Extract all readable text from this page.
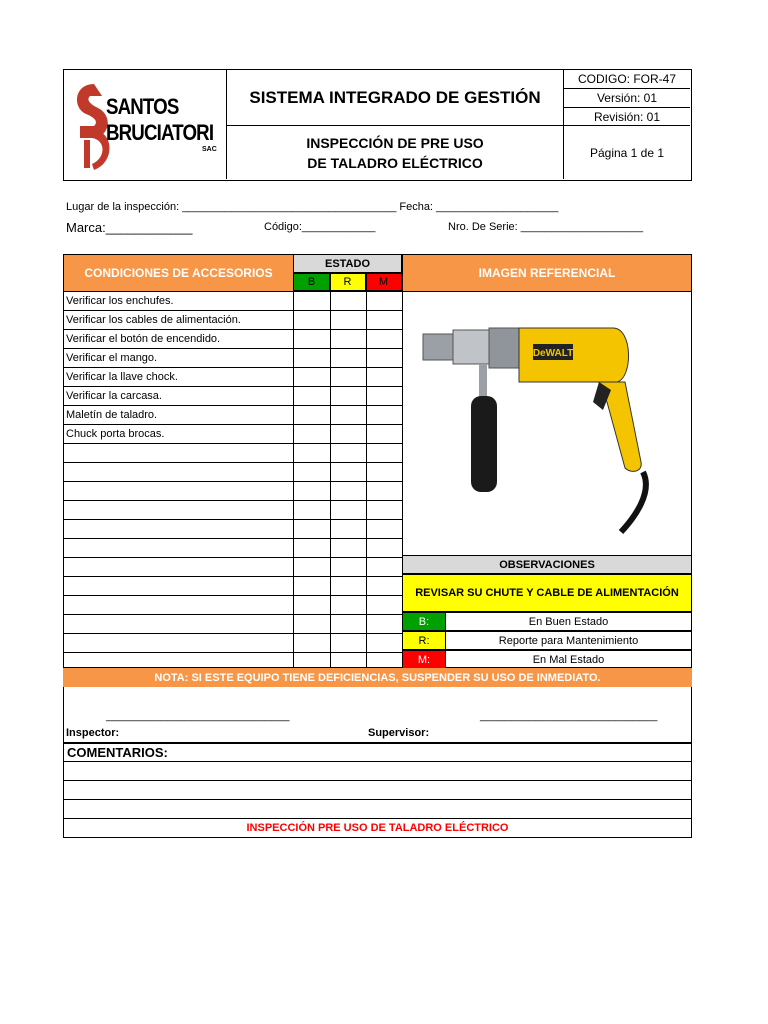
SANTOS
BRUCIATORI
SAC
SISTEMA INTEGRADO DE GESTIÓN
INSPECCIÓN DE PRE USO
DE TALADRO ELÉCTRICO
CODIGO: FOR-47
Versión: 01
Revisión: 01
Página 1 de 1
Lugar de la inspección: ___________________________________ Fecha: ____________________
Marca:____________	Código:____________	Nro. De Serie: ____________________
CONDICIONES DE ACCESORIOS
ESTADO
B	R	M
IMAGEN REFERENCIAL
Verificar los enchufes.
Verificar los cables de alimentación.
Verificar el botón de encendido.
Verificar el mango.
Verificar la llave chock.
Verificar la carcasa.
Maletín de taladro.
Chuck porta brocas.
DeWALT
OBSERVACIONES
REVISAR SU CHUTE Y CABLE DE ALIMENTACIÓN
B:	En Buen Estado
R:	Reporte para Mantenimiento
M:	En Mal Estado
NOTA: SI ESTE EQUIPO TIENE DEFICIENCIAS, SUSPENDER SU USO DE INMEDIATO.
______________________________	_____________________________
Inspector:	Supervisor:
COMENTARIOS:
INSPECCIÓN PRE USO DE TALADRO ELÉCTRICO
